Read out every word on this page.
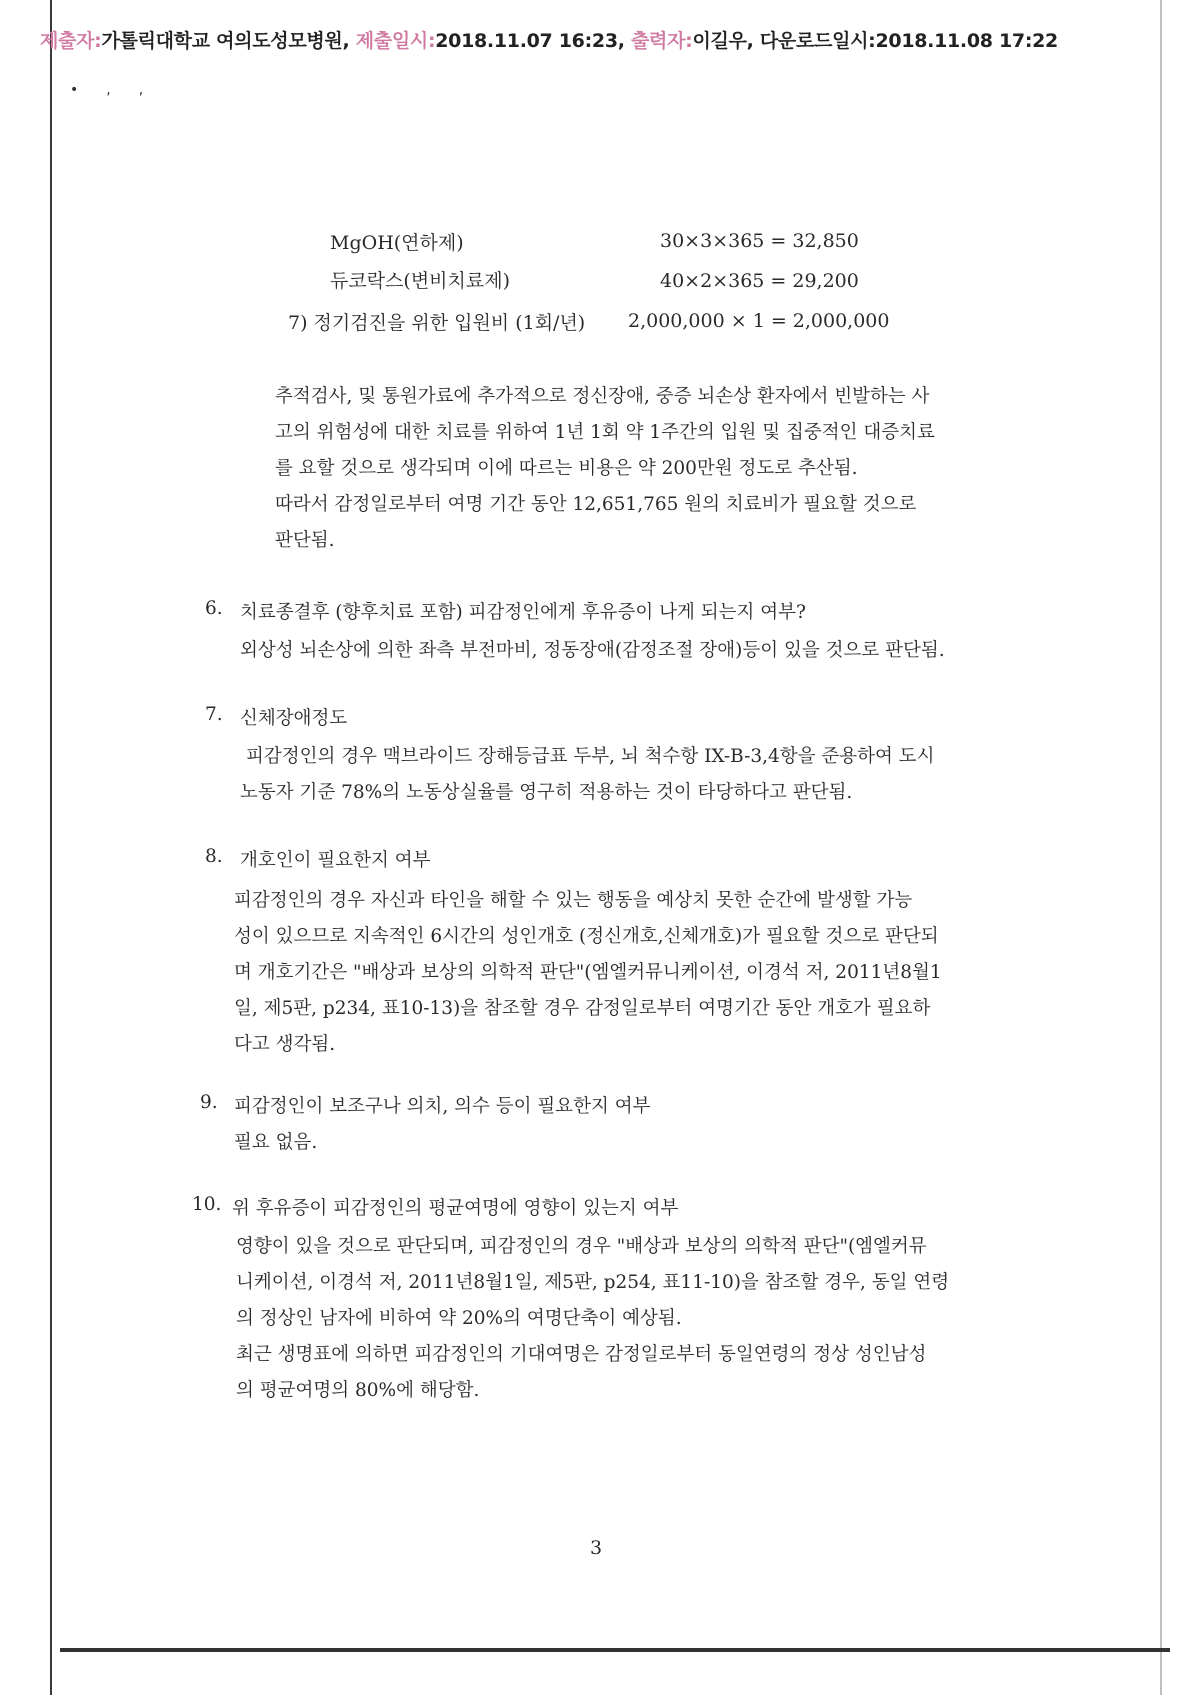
제출자:가톨릭대학교 여의도성모병원, 제출일시:2018.11.07 16:23, 출력자:이길우, 다운로드일시:2018.11.08 17:22
• , ,
MgOH(연하제)	30×3×365 = 32,850
듀코락스(변비치료제)	40×2×365 = 29,200
7) 정기검진을 위한 입원비 (1회/년) 2,000,000 × 1 = 2,000,000
추적검사, 및 통원가료에 추가적으로 정신장애, 중증 뇌손상 환자에서 빈발하는 사
고의 위험성에 대한 치료를 위하여 1년 1회 약 1주간의 입원 및 집중적인 대증치료
를 요할 것으로 생각되며 이에 따르는 비용은 약 200만원 정도로 추산됨.
따라서 감정일로부터 여명 기간 동안 12,651,765 원의 치료비가 필요할 것으로
판단됨.
6. 치료종결후 (향후치료 포함) 피감정인에게 후유증이 나게 되는지 여부?
외상성 뇌손상에 의한 좌측 부전마비, 정동장애(감정조절 장애)등이 있을 것으로 판단됨.
7. 신체장애정도
피감정인의 경우 맥브라이드 장해등급표 두부, 뇌 척수항 IX-B-3,4항을 준용하여 도시
노동자 기준 78%의 노동상실율를 영구히 적용하는 것이 타당하다고 판단됨.
8. 개호인이 필요한지 여부
피감정인의 경우 자신과 타인을 해할 수 있는 행동을 예상치 못한 순간에 발생할 가능
성이 있으므로 지속적인 6시간의 성인개호 (정신개호,신체개호)가 필요할 것으로 판단되
며 개호기간은 "배상과 보상의 의학적 판단"(엠엘커뮤니케이션, 이경석 저, 2011년8월1
일, 제5판, p234, 표10-13)을 참조할 경우 감정일로부터 여명기간 동안 개호가 필요하
다고 생각됨.
9. 피감정인이 보조구나 의치, 의수 등이 필요한지 여부
필요 없음.
10. 위 후유증이 피감정인의 평균여명에 영향이 있는지 여부
영향이 있을 것으로 판단되며, 피감정인의 경우 "배상과 보상의 의학적 판단"(엠엘커뮤
니케이션, 이경석 저, 2011년8월1일, 제5판, p254, 표11-10)을 참조할 경우, 동일 연령
의 정상인 남자에 비하여 약 20%의 여명단축이 예상됨.
최근 생명표에 의하면 피감정인의 기대여명은 감정일로부터 동일연령의 정상 성인남성
의 평균여명의 80%에 해당함.
3
